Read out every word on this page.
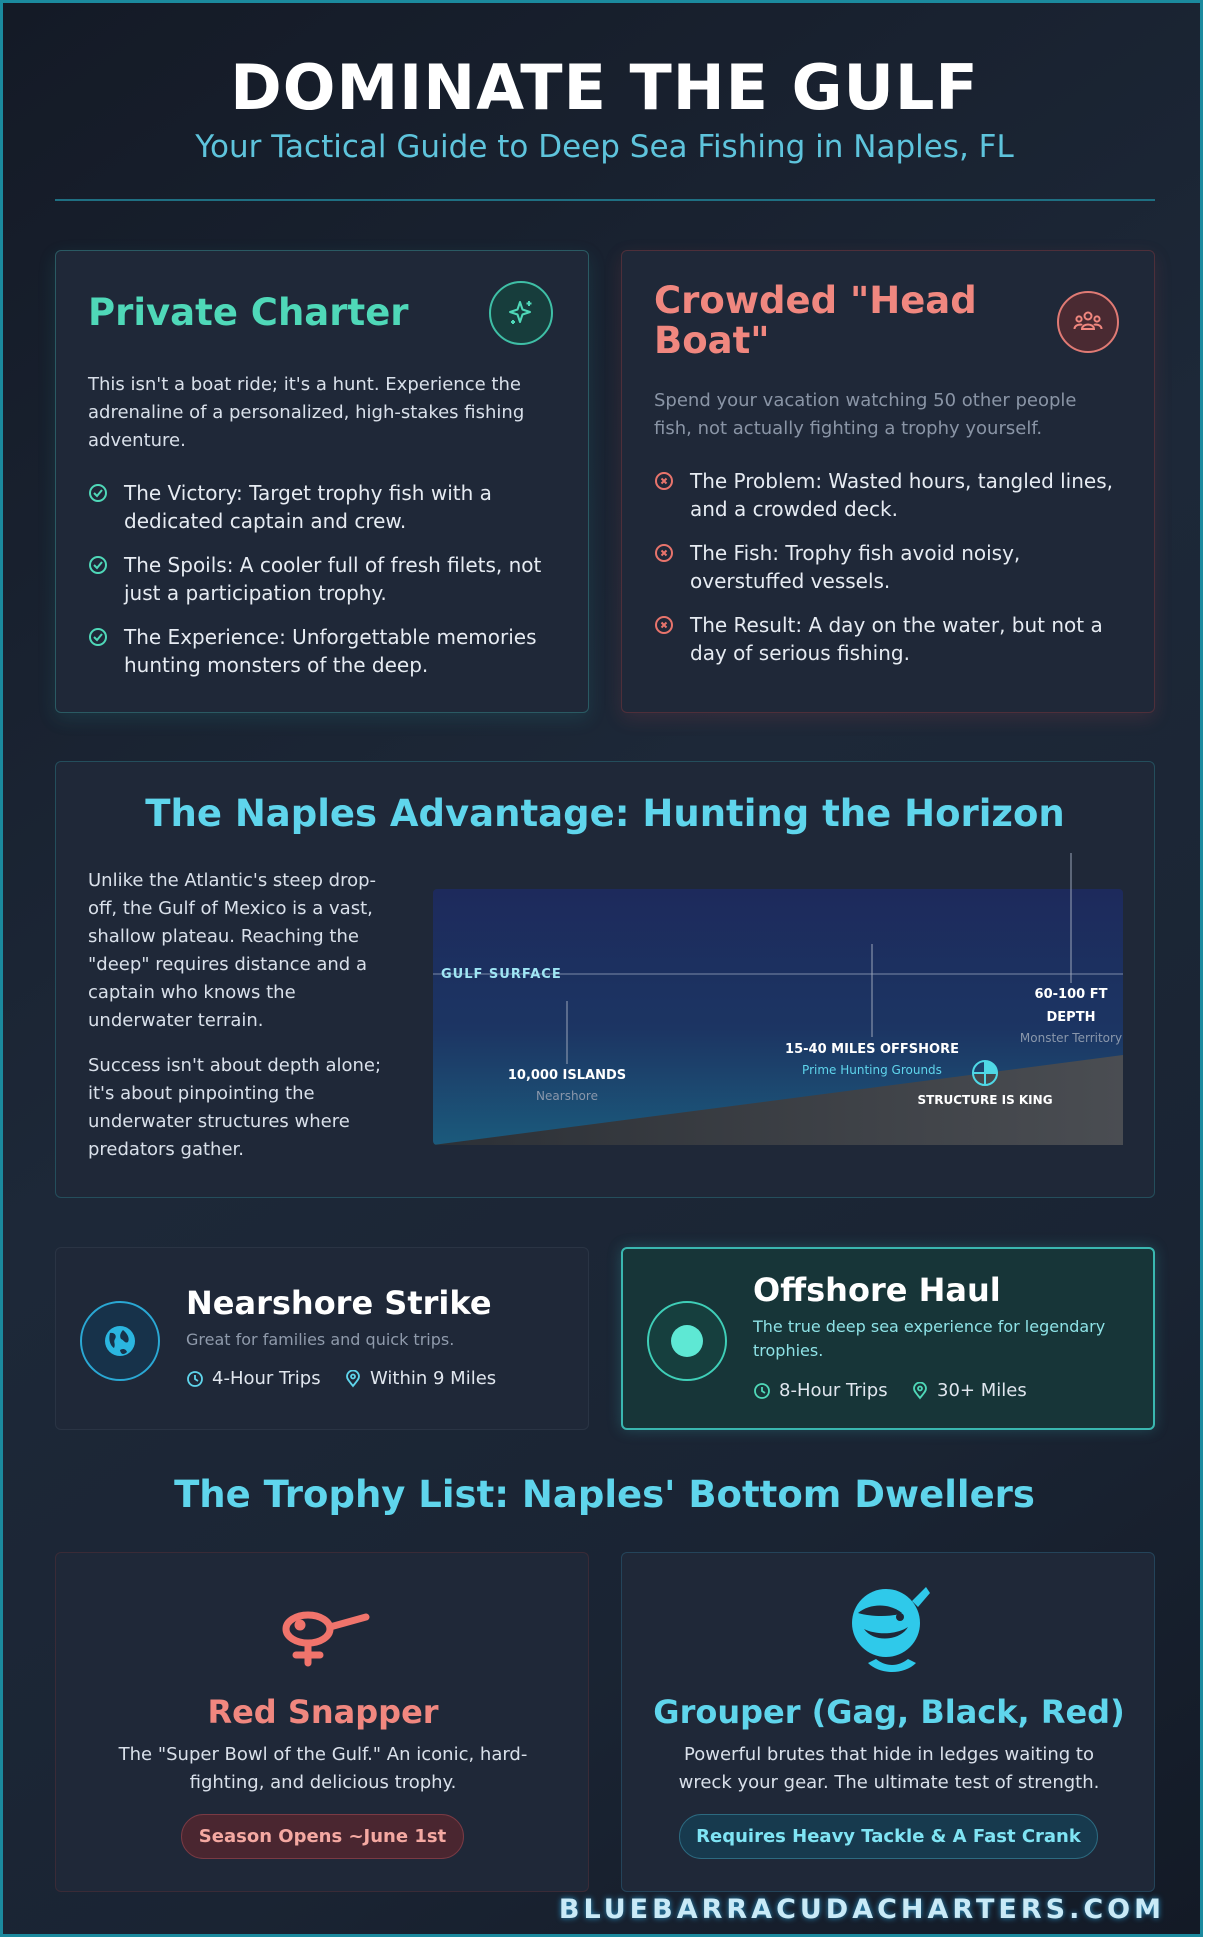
DOMINATE THE GULF
Your Tactical Guide to Deep Sea Fishing in Naples, FL
Private Charter
This isn't a boat ride; it's a hunt. Experience the adrenaline of a personalized, high-stakes fishing adventure.
The Victory: Target trophy fish with a dedicated captain and crew.
The Spoils: A cooler full of fresh filets, not just a participation trophy.
The Experience: Unforgettable memories hunting monsters of the deep.
Crowded "Head Boat"
Spend your vacation watching 50 other people fish, not actually fighting a trophy yourself.
The Problem: Wasted hours, tangled lines, and a crowded deck.
The Fish: Trophy fish avoid noisy, overstuffed vessels.
The Result: A day on the water, but not a day of serious fishing.
The Naples Advantage: Hunting the Horizon
Unlike the Atlantic's steep drop-off, the Gulf of Mexico is a vast, shallow plateau. Reaching the "deep" requires distance and a captain who knows the underwater terrain.
Success isn't about depth alone; it's about pinpointing the underwater structures where predators gather.
GULF SURFACE
10,000 ISLANDS
Nearshore
15-40 MILES OFFSHORE
Prime Hunting Grounds
60-100 FT
DEPTH
Monster Territory
STRUCTURE IS KING
Nearshore Strike
Great for families and quick trips.
4-Hour Trips	Within 9 Miles
Offshore Haul
The true deep sea experience for legendary trophies.
8-Hour Trips	30+ Miles
The Trophy List: Naples' Bottom Dwellers
Red Snapper
The "Super Bowl of the Gulf." An iconic, hard-fighting, and delicious trophy.
Season Opens ~June 1st
Grouper (Gag, Black, Red)
Powerful brutes that hide in ledges waiting to wreck your gear. The ultimate test of strength.
Requires Heavy Tackle & A Fast Crank
BLUEBARRACUDACHARTERS.COM
